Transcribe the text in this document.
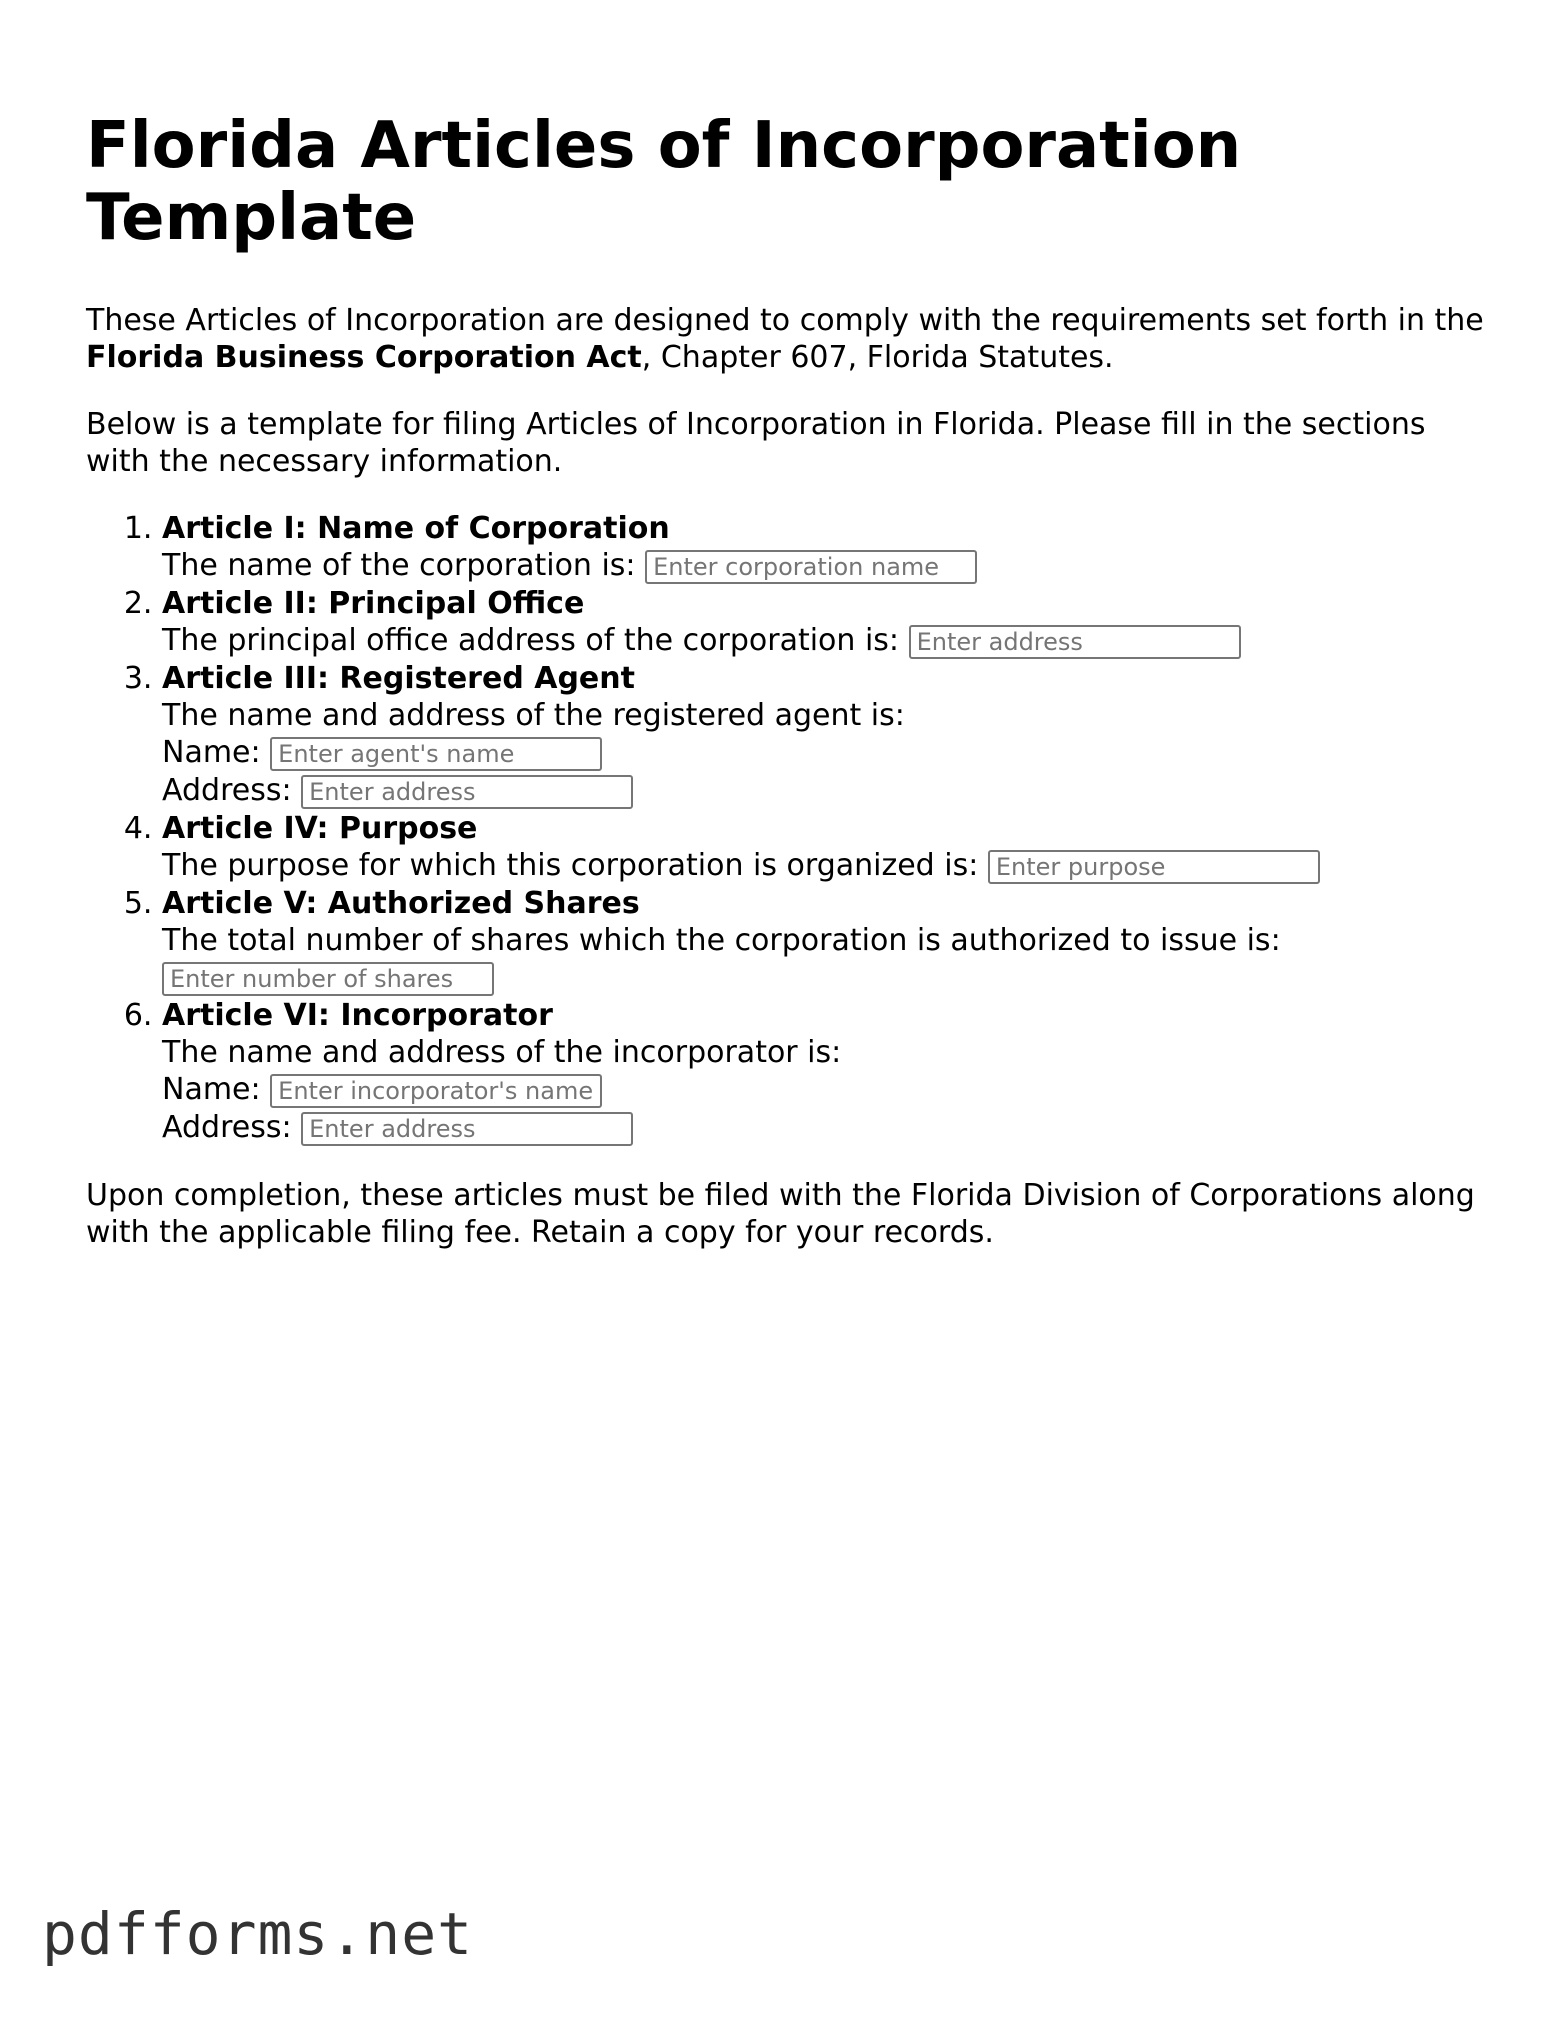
Florida Articles of Incorporation Template

These Articles of Incorporation are designed to comply with the requirements set forth in the Florida Business Corporation Act, Chapter 607, Florida Statutes.

Below is a template for filing Articles of Incorporation in Florida. Please fill in the sections with the necessary information.

1. Article I: Name of Corporation
The name of the corporation is: Enter corporation name
2. Article II: Principal Office
The principal office address of the corporation is: Enter address
3. Article III: Registered Agent
The name and address of the registered agent is:
Name: Enter agent's name
Address: Enter address
4. Article IV: Purpose
The purpose for which this corporation is organized is: Enter purpose
5. Article V: Authorized Shares
The total number of shares which the corporation is authorized to issue is:
Enter number of shares
6. Article VI: Incorporator
The name and address of the incorporator is:
Name: Enter incorporator's name
Address: Enter address

Upon completion, these articles must be filed with the Florida Division of Corporations along with the applicable filing fee. Retain a copy for your records.

pdfforms.net
